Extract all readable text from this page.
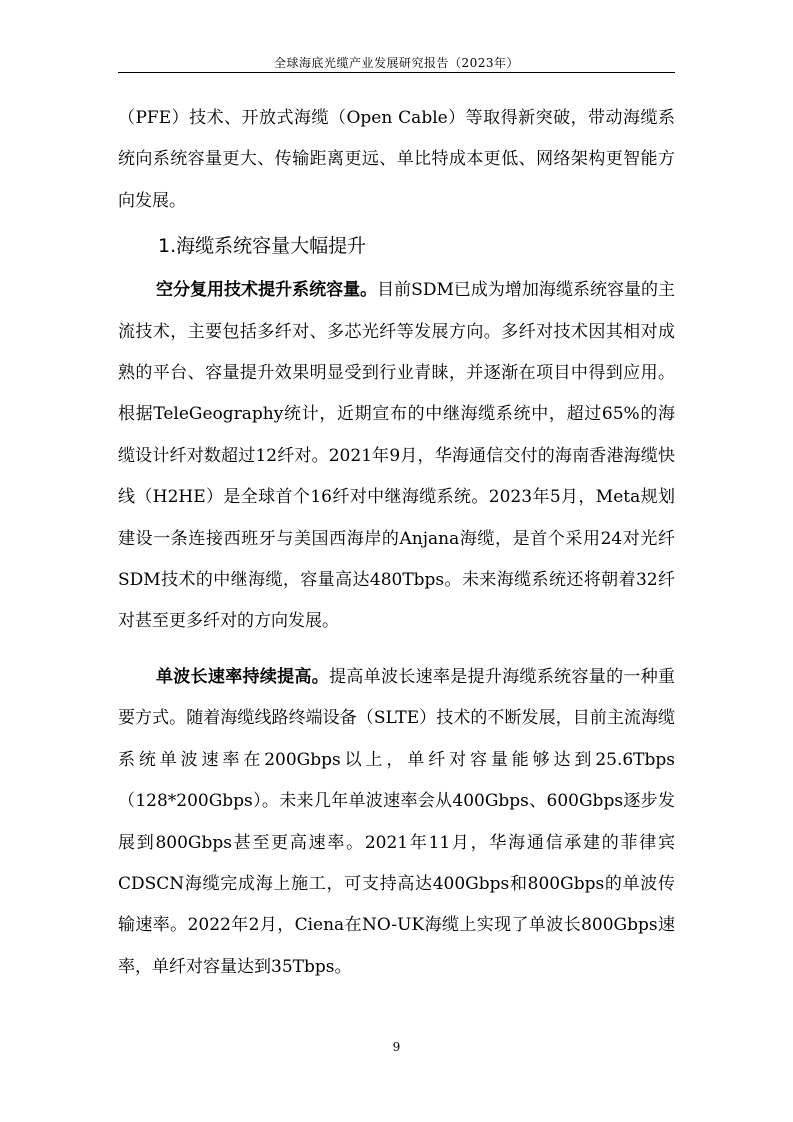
全球海底光缆产业发展研究报告（2023年）

（PFE）技术、开放式海缆（Open Cable）等取得新突破，带动海缆系统向系统容量更大、传输距离更远、单比特成本更低、网络架构更智能方向发展。

1.海缆系统容量大幅提升

空分复用技术提升系统容量。目前SDM已成为增加海缆系统容量的主流技术，主要包括多纤对、多芯光纤等发展方向。多纤对技术因其相对成熟的平台、容量提升效果明显受到行业青睐，并逐渐在项目中得到应用。根据TeleGeography统计，近期宣布的中继海缆系统中，超过65%的海缆设计纤对数超过12纤对。2021年9月，华海通信交付的海南香港海缆快线（H2HE）是全球首个16纤对中继海缆系统。2023年5月，Meta规划建设一条连接西班牙与美国西海岸的Anjana海缆，是首个采用24对光纤SDM技术的中继海缆，容量高达480Tbps。未来海缆系统还将朝着32纤对甚至更多纤对的方向发展。

单波长速率持续提高。提高单波长速率是提升海缆系统容量的一种重要方式。随着海缆线路终端设备（SLTE）技术的不断发展，目前主流海缆系统单波速率在200Gbps以上，单纤对容量能够达到25.6Tbps（128*200Gbps）。未来几年单波速率会从400Gbps、600Gbps逐步发展到800Gbps甚至更高速率。2021年11月，华海通信承建的菲律宾CDSCN海缆完成海上施工，可支持高达400Gbps和800Gbps的单波传输速率。2022年2月，Ciena在NO-UK海缆上实现了单波长800Gbps速率，单纤对容量达到35Tbps。

9
